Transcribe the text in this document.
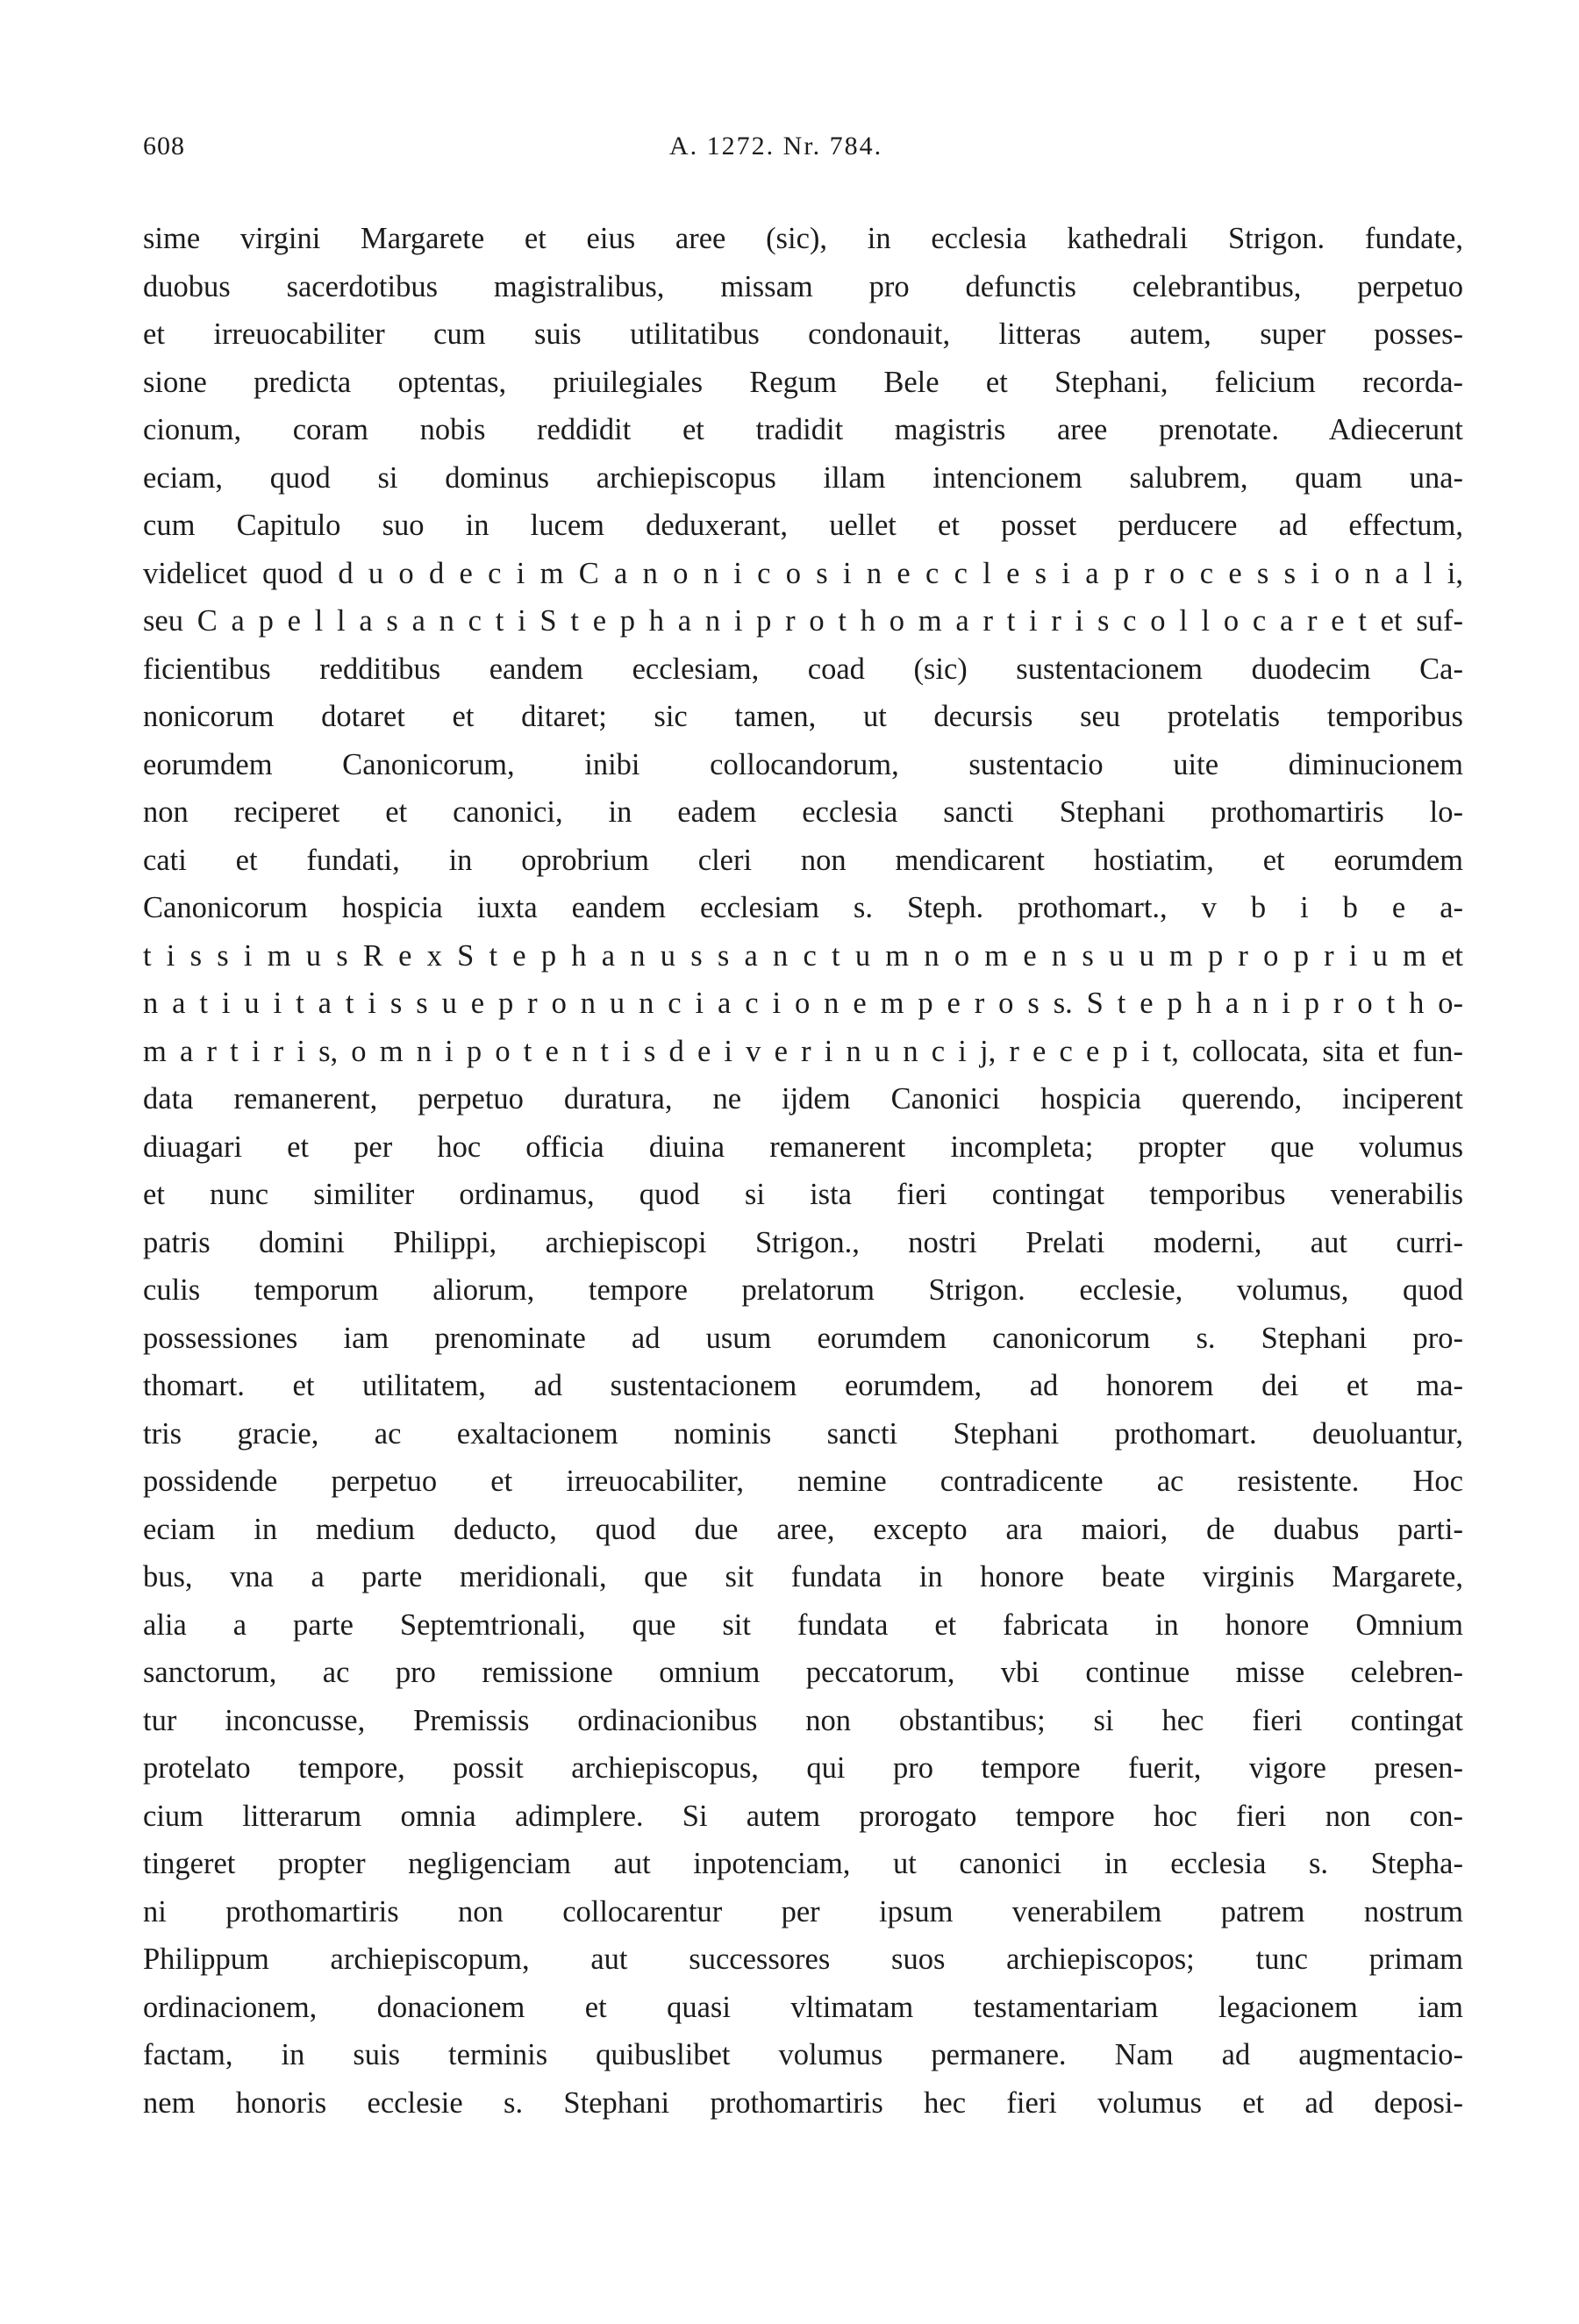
608	A. 1272. Nr. 784.
sime virgini Margarete et eius aree (sic), in ecclesia kathedrali Strigon. fundate,
duobus sacerdotibus magistralibus, missam pro defunctis celebrantibus, perpetuo
et irreuocabiliter cum suis utilitatibus condonauit, litteras autem, super posses-
sione predicta optentas, priuilegiales Regum Bele et Stephani, felicium recorda-
cionum, coram nobis reddidit et tradidit magistris aree prenotate. Adiecerunt
eciam, quod si dominus archiepiscopus illam intencionem salubrem, quam una-
cum Capitulo suo in lucem deduxerant, uellet et posset perducere ad effectum,
videlicet quod d u o d e c i m C a n o n i c o s i n e c c l e s i a p r o c e s s i o n a l i,
seu C a p e l l a s a n c t i S t e p h a n i p r o t h o m a r t i r i s c o l l o c a r e t et suf-
ficientibus redditibus eandem ecclesiam, coad (sic) sustentacionem duodecim Ca-
nonicorum dotaret et ditaret; sic tamen, ut decursis seu protelatis temporibus
eorumdem Canonicorum, inibi collocandorum, sustentacio uite diminucionem
non reciperet et canonici, in eadem ecclesia sancti Stephani prothomartiris lo-
cati et fundati, in oprobrium cleri non mendicarent hostiatim, et eorumdem
Canonicorum hospicia iuxta eandem ecclesiam s. Steph. prothomart., v b i b e a-
t i s s i m u s R e x S t e p h a n u s s a n c t u m n o m e n s u u m p r o p r i u m et
n a t i u i t a t i s s u e p r o n u n c i a c i o n e m p e r o s s. S t e p h a n i p r o t h o-
m a r t i r i s, o m n i p o t e n t i s d e i v e r i n u n c i j, r e c e p i t, collocata, sita et fun-
data remanerent, perpetuo duratura, ne ijdem Canonici hospicia querendo, inciperent
diuagari et per hoc officia diuina remanerent incompleta; propter que volumus
et nunc similiter ordinamus, quod si ista fieri contingat temporibus venerabilis
patris domini Philippi, archiepiscopi Strigon., nostri Prelati moderni, aut curri-
culis temporum aliorum, tempore prelatorum Strigon. ecclesie, volumus, quod
possessiones iam prenominate ad usum eorumdem canonicorum s. Stephani pro-
thomart. et utilitatem, ad sustentacionem eorumdem, ad honorem dei et ma-
tris gracie, ac exaltacionem nominis sancti Stephani prothomart. deuoluantur,
possidende perpetuo et irreuocabiliter, nemine contradicente ac resistente. Hoc
eciam in medium deducto, quod due aree, excepto ara maiori, de duabus parti-
bus, vna a parte meridionali, que sit fundata in honore beate virginis Margarete,
alia a parte Septemtrionali, que sit fundata et fabricata in honore Omnium
sanctorum, ac pro remissione omnium peccatorum, vbi continue misse celebren-
tur inconcusse, Premissis ordinacionibus non obstantibus; si hec fieri contingat
protelato tempore, possit archiepiscopus, qui pro tempore fuerit, vigore presen-
cium litterarum omnia adimplere. Si autem prorogato tempore hoc fieri non con-
tingeret propter negligenciam aut inpotenciam, ut canonici in ecclesia s. Stepha-
ni prothomartiris non collocarentur per ipsum venerabilem patrem nostrum
Philippum archiepiscopum, aut successores suos archiepiscopos; tunc primam
ordinacionem, donacionem et quasi vltimatam testamentariam legacionem iam
factam, in suis terminis quibuslibet volumus permanere. Nam ad augmentacio-
nem honoris ecclesie s. Stephani prothomartiris hec fieri volumus et ad deposi-
